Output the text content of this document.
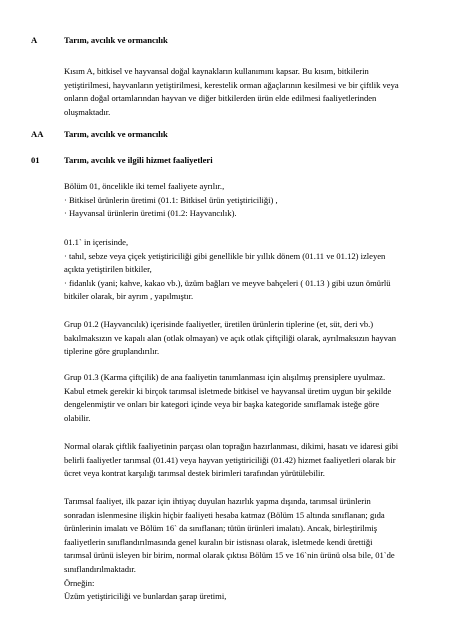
A	Tarım, avcılık ve ormancılık
Kısım A, bitkisel ve hayvansal doğal kaynakların kullanımını kapsar. Bu kısım, bitkilerin
yetiştirilmesi, hayvanların yetiştirilmesi, kerestelik orman ağaçlarının kesilmesi ve bir çiftlik veya
onların doğal ortamlarından hayvan ve diğer bitkilerden ürün elde edilmesi faaliyetlerinden
oluşmaktadır.
AA Tarım, avcılık ve ormancılık
01	Tarım, avcılık ve ilgili hizmet faaliyetleri
Bölüm 01, öncelikle iki temel faaliyete ayrılır.,
· Bitkisel ürünlerin üretimi (01.1: Bitkisel ürün yetiştiriciliği) ,
· Hayvansal ürünlerin üretimi (01.2: Hayvancılık).
01.1` in içerisinde,
· tahıl, sebze veya çiçek yetiştiriciliği gibi genellikle bir yıllık dönem (01.11 ve 01.12) izleyen
açıkta yetiştirilen bitkiler,
· fidanlık (yani; kahve, kakao vb.), üzüm bağları ve meyve bahçeleri ( 01.13 ) gibi uzun ömürlü
bitkiler olarak, bir ayrım , yapılmıştır.
Grup 01.2 (Hayvancılık) içerisinde faaliyetler, üretilen ürünlerin tiplerine (et, süt, deri vb.)
bakılmaksızın ve kapalı alan (otlak olmayan) ve açık otlak çiftçiliği olarak, ayrılmaksızın hayvan
tiplerine göre gruplandırılır.
Grup 01.3 (Karma çiftçilik) de ana faaliyetin tanımlanması için alışılmış prensiplere uyulmaz.
Kabul etmek gerekir ki birçok tarımsal isletmede bitkisel ve hayvansal üretim uygun bir şekilde
dengelenmiştir ve onları bir kategori içinde veya bir başka kategoride sınıflamak isteğe göre
olabilir.
Normal olarak çiftlik faaliyetinin parçası olan toprağın hazırlanması, dikimi, hasatı ve idaresi gibi
belirli faaliyetler tarımsal (01.41) veya hayvan yetiştiriciliği (01.42) hizmet faaliyetleri olarak bir
ücret veya kontrat karşılığı tarımsal destek birimleri tarafından yürütülebilir.
Tarımsal faaliyet, ilk pazar için ihtiyaç duyulan hazırlık yapma dışında, tarımsal ürünlerin
sonradan islenmesine ilişkin hiçbir faaliyeti hesaba katmaz (Bölüm 15 altında sınıflanan; gıda
ürünlerinin imalatı ve Bölüm 16` da sınıflanan; tütün ürünleri imalatı). Ancak, birleştirilmiş
faaliyetlerin sınıflandırılmasında genel kuralın bir istisnası olarak, isletmede kendi ürettiği
tarımsal ürünü isleyen bir birim, normal olarak çıktısı Bölüm 15 ve 16`nin ürünü olsa bile, 01`de
sınıflandırılmaktadır.
Örneğin:
Üzüm yetiştiriciliği ve bunlardan şarap üretimi,
